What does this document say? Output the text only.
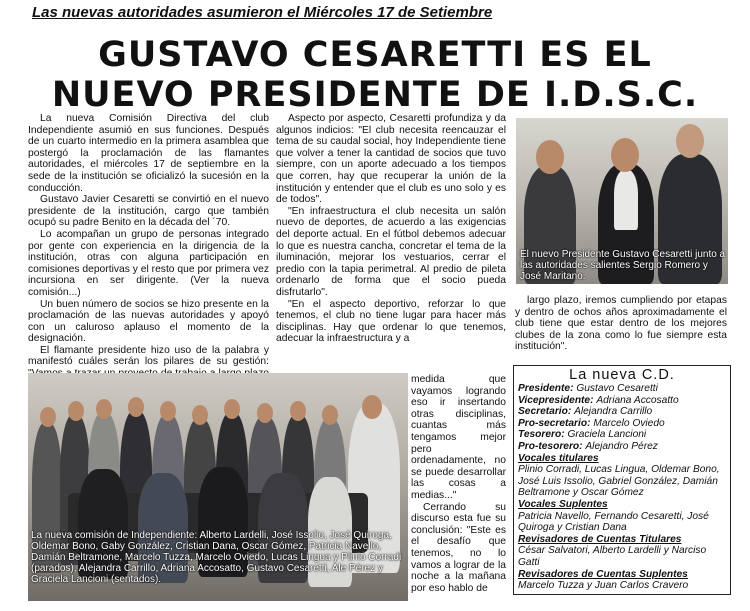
Las nuevas autoridades asumieron el Miércoles 17 de Setiembre
GUSTAVO CESARETTI ES EL
NUEVO PRESIDENTE DE I.D.S.C.

La nueva Comisión Directiva del club Independiente asumió en sus funciones. Después de un cuarto intermedio en la primera asamblea que postergó la proclamación de las flamantes autoridades, el miércoles 17 de septiembre en la sede de la institución se oficializó la sucesión en la conducción.

Gustavo Javier Cesaretti se convirtió en el nuevo presidente de la institución, cargo que también ocupó su padre Benito en la década del ´70.

Lo acompañan un grupo de personas integrado por gente con experiencia en la dirigencia de la institución, otras con alguna participación en comisiones deportivas y el resto que por primera vez incursiona en ser dirigente. (Ver la nueva comisión...)

Un buen número de socios se hizo presente en la proclamación de las nuevas autoridades y apoyó con un caluroso aplauso el momento de la designación.

El flamante presidente hizo uso de la palabra y manifestó cuáles serán los pilares de su gestión:

Aspecto por aspecto, Cesaretti profundiza y da algunos indicios: "El club necesita reencauzar el tema de su caudal social, hoy Independiente tiene que volver a tener la cantidad de socios que tuvo siempre, con un aporte adecuado a los tiempos que corren, hay que recuperar la unión de la institución y entender que el club es uno solo y es de todos".

"En infraestructura el club necesita un salón nuevo de deportes, de acuerdo a las exigencias del deporte actual. En el fútbol debemos adecuar lo que es nuestra cancha, concretar el tema de la iluminación, mejorar los vestuarios, cerrar el predio con la tapia perimetral. Al predio de pileta ordenarlo de forma que el socio pueda disfrutarlo".

"En el aspecto deportivo, reforzar lo que tenemos, el club no tiene lugar para hacer más disciplinas. Hay que ordenar lo que tenemos, adecuar la infraestructura y a

medida que vayamos logrando eso ir insertando otras disciplinas, cuantas más tengamos mejor pero ordenadamente, no se puede desarrollar las cosas a medias..."

Cerrando su discurso esta fue su conclusión: "Este es el desafío que tenemos, no lo vamos a lograr de la noche a la mañana por eso hablo de

largo plazo, iremos cumpliendo por etapas y dentro de ochos años aproximadamente el club tiene que estar dentro de los mejores clubes de la zona como lo fue siempre esta institución".

El nuevo Presidente Gustavo Cesaretti junto a las autoridades salientes Sergio Romero y José Maritano.
La nueva comisión de Independiente: Alberto Lardelli, José Issolio, José Quiroga, Oldemar Bono, Gaby González, Cristian Dana, Oscar Gómez, Patricia Navello, Damián Beltramone, Marcelo Tuzza, Marcelo Oviedo, Lucas Lingua y Plinio Corradi (parados), Alejandra Carrillo, Adriana Accosatto, Gustavo Cesaretti, Ale Pérez y Graciela Lancioni (sentados).
La nueva C.D.
Presidente: Gustavo Cesaretti
Vicepresidente: Adriana Accosatto
Secretario: Alejandra Carrillo
Pro-secretario: Marcelo Oviedo
Tesorero: Graciela Lancioni
Pro-tesorero: Alejandro Pérez
Vocales titulares
Plinio Corradi, Lucas Lingua, Oldemar Bono, José Luis Issolio, Gabriel González, Damián Beltramone y Oscar Gómez
Vocales Suplentes
Patricia Navello, Fernando Cesaretti, José Quiroga y Cristian Dana
Revisadores de Cuentas Titulares
César Salvatori, Alberto Lardelli y Narciso Gatti
Revisadores de Cuentas Suplentes
Marcelo Tuzza y Juan Carlos Cravero
